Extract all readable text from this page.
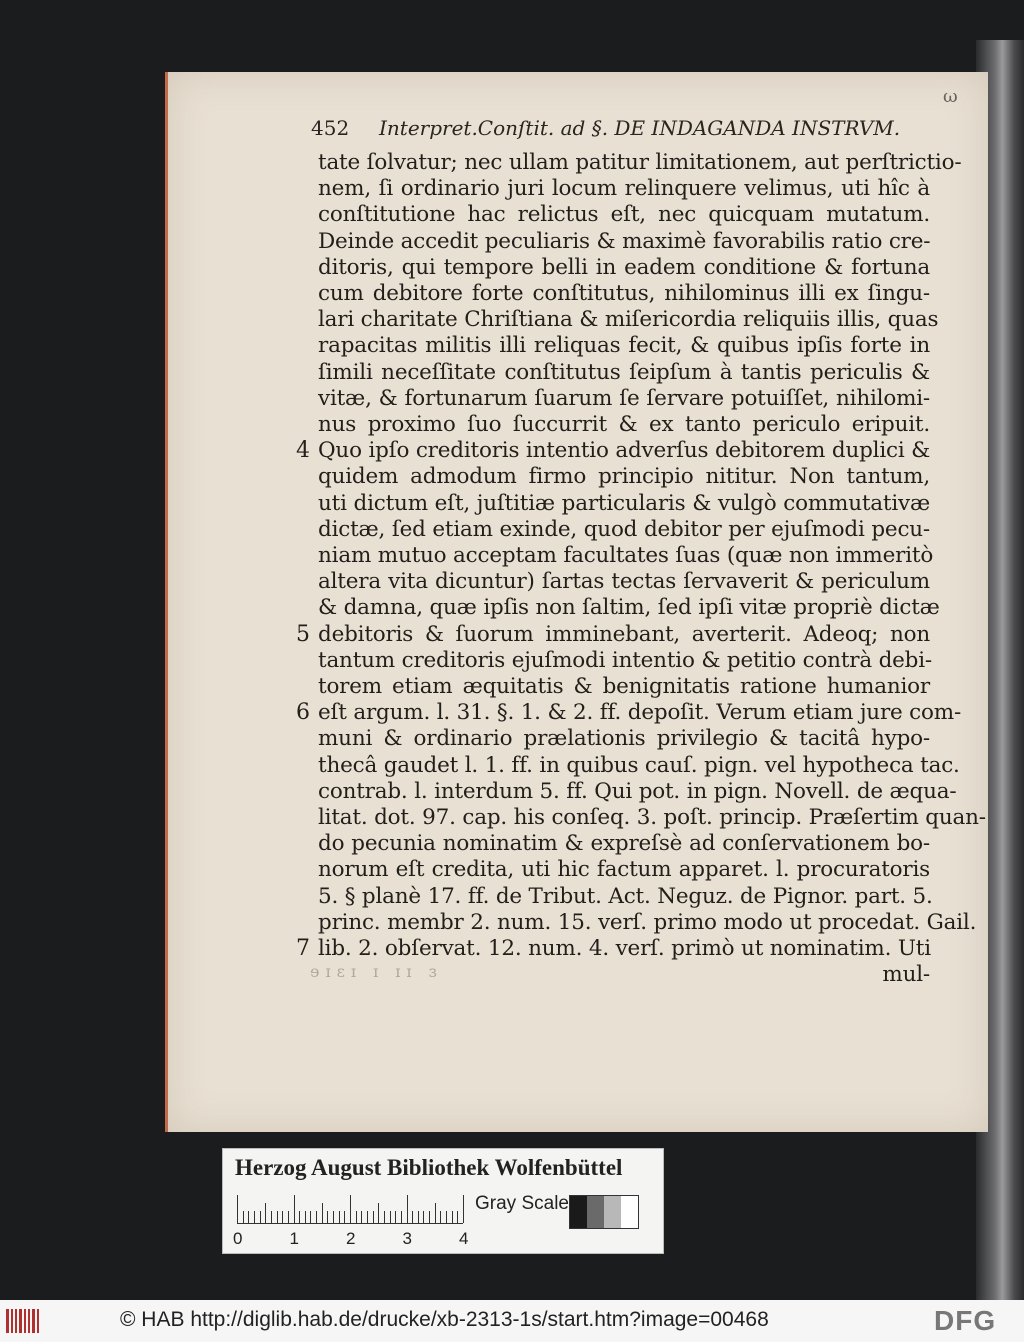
452 Interpret.Conſtit. ad §. DE INDAGANDA INSTRVM.
ω
tate ſolvatur; nec ullam patitur limitationem, aut perſtrictio-
nem, ſi ordinario juri locum relinquere velimus, uti hîc à
conſtitutione hac relictus eſt, nec quicquam mutatum.
Deinde accedit peculiaris & maximè favorabilis ratio cre-
ditoris, qui tempore belli in eadem conditione & fortuna
cum debitore forte conſtitutus, nihilominus illi ex ſingu-
lari charitate Chriſtiana & miſericordia reliquiis illis, quas
rapacitas militis illi reliquas fecit, & quibus ipſis forte in
ſimili neceſſitate conſtitutus ſeipſum à tantis periculis &
vitæ, & fortunarum ſuarum ſe ſervare potuiſſet, nihilomi-
nus proximo ſuo ſuccurrit & ex tanto periculo eripuit.
Quo ipſo creditoris intentio adverſus debitorem duplici &
quidem admodum firmo principio nititur. Non tantum,
uti dictum eſt, juſtitiæ particularis & vulgò commutativæ
dictæ, ſed etiam exinde, quod debitor per ejuſmodi pecu-
niam mutuo acceptam facultates ſuas (quæ non immeritò
altera vita dicuntur) ſartas tectas ſervaverit & periculum
& damna, quæ ipſis non ſaltim, ſed ipſi vitæ propriè dictæ
debitoris & ſuorum imminebant, averterit. Adeoq; non
tantum creditoris ejuſmodi intentio & petitio contrà debi-
torem etiam æquitatis & benignitatis ratione humanior
eſt argum. l. 31. §. 1. & 2. ff. depoſit. Verum etiam jure com-
muni & ordinario prælationis privilegio & tacitâ hypo-
thecâ gaudet l. 1. ff. in quibus cauſ. pign. vel hypotheca tac.
contrab. l. interdum 5. ff. Qui pot. in pign. Novell. de æqua-
litat. dot. 97. cap. his conſeq. 3. poſt. princip. Præſertim quan-
do pecunia nominatim & expreſsè ad conſervationem bo-
norum eſt credita, uti hic factum apparet. l. procuratoris
5. § planè 17. ff. de Tribut. Act. Neguz. de Pignor. part. 5.
princ. membr 2. num. 15. verſ. primo modo ut procedat. Gail.
lib. 2. obſervat. 12. num. 4. verſ. primò ut nominatim. Uti
mul-
4
5
6
7
ɘɪɛɪ ɪ ɪɪ ɜ
Herzog August Bibliothek Wolfenbüttel
0	1	2	3	4
Gray Scale
© HAB http://diglib.hab.de/drucke/xb-2313-1s/start.htm?image=00468	DFG
